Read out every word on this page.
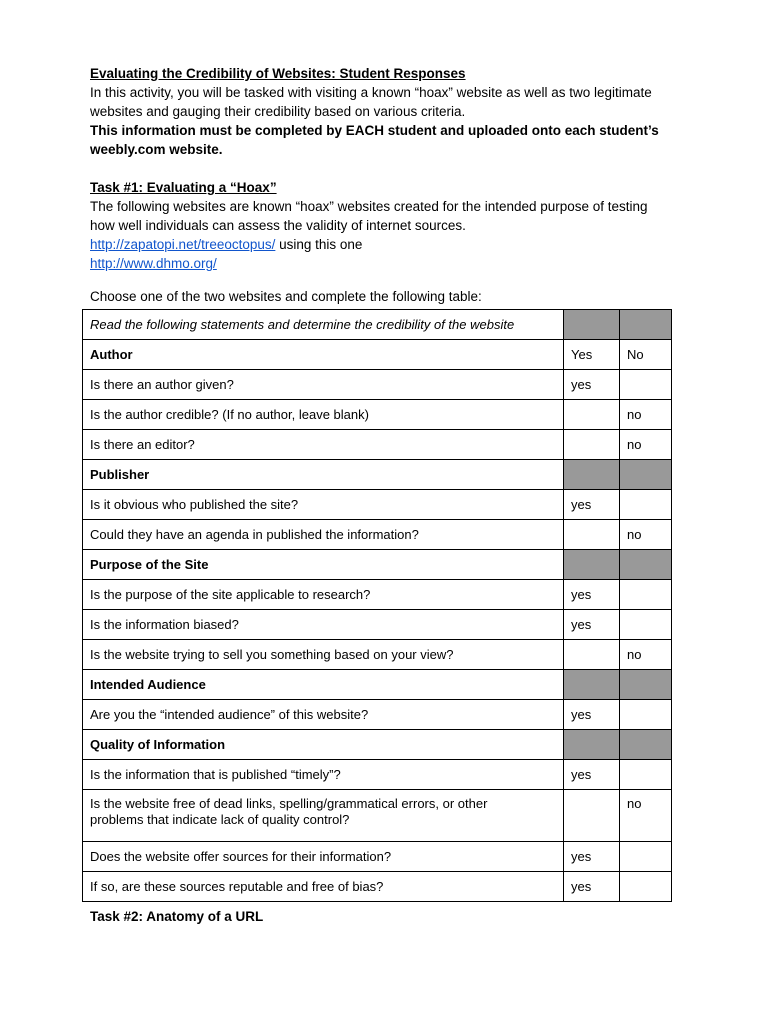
Evaluating the Credibility of Websites: Student Responses

In this activity, you will be tasked with visiting a known “hoax” website as well as two legitimate

websites and gauging their credibility based on various criteria.

This information must be completed by EACH student and uploaded onto each student’s

weebly.com website.

Task #1: Evaluating a “Hoax”

The following websites are known “hoax” websites created for the intended purpose of testing

how well individuals can assess the validity of internet sources.

http://zapatopi.net/treeoctopus/ using this one

http://www.dhmo.org/

Choose one of the two websites and complete the following table:

Read the following statements and determine the credibility of the website		
Author	Yes	No
Is there an author given?	yes	
Is the author credible? (If no author, leave blank)		no
Is there an editor?		no
Publisher		
Is it obvious who published the site?	yes	
Could they have an agenda in published the information?		no
Purpose of the Site		
Is the purpose of the site applicable to research?	yes	
Is the information biased?	yes	
Is the website trying to sell you something based on your view?		no
Intended Audience		
Are you the “intended audience” of this website?	yes	
Quality of Information		
Is the information that is published “timely”?	yes	
Is the website free of dead links, spelling/grammatical errors, or other
problems that indicate lack of quality control?		no
Does the website offer sources for their information?	yes	
If so, are these sources reputable and free of bias?	yes	
Task #2: Anatomy of a URL
